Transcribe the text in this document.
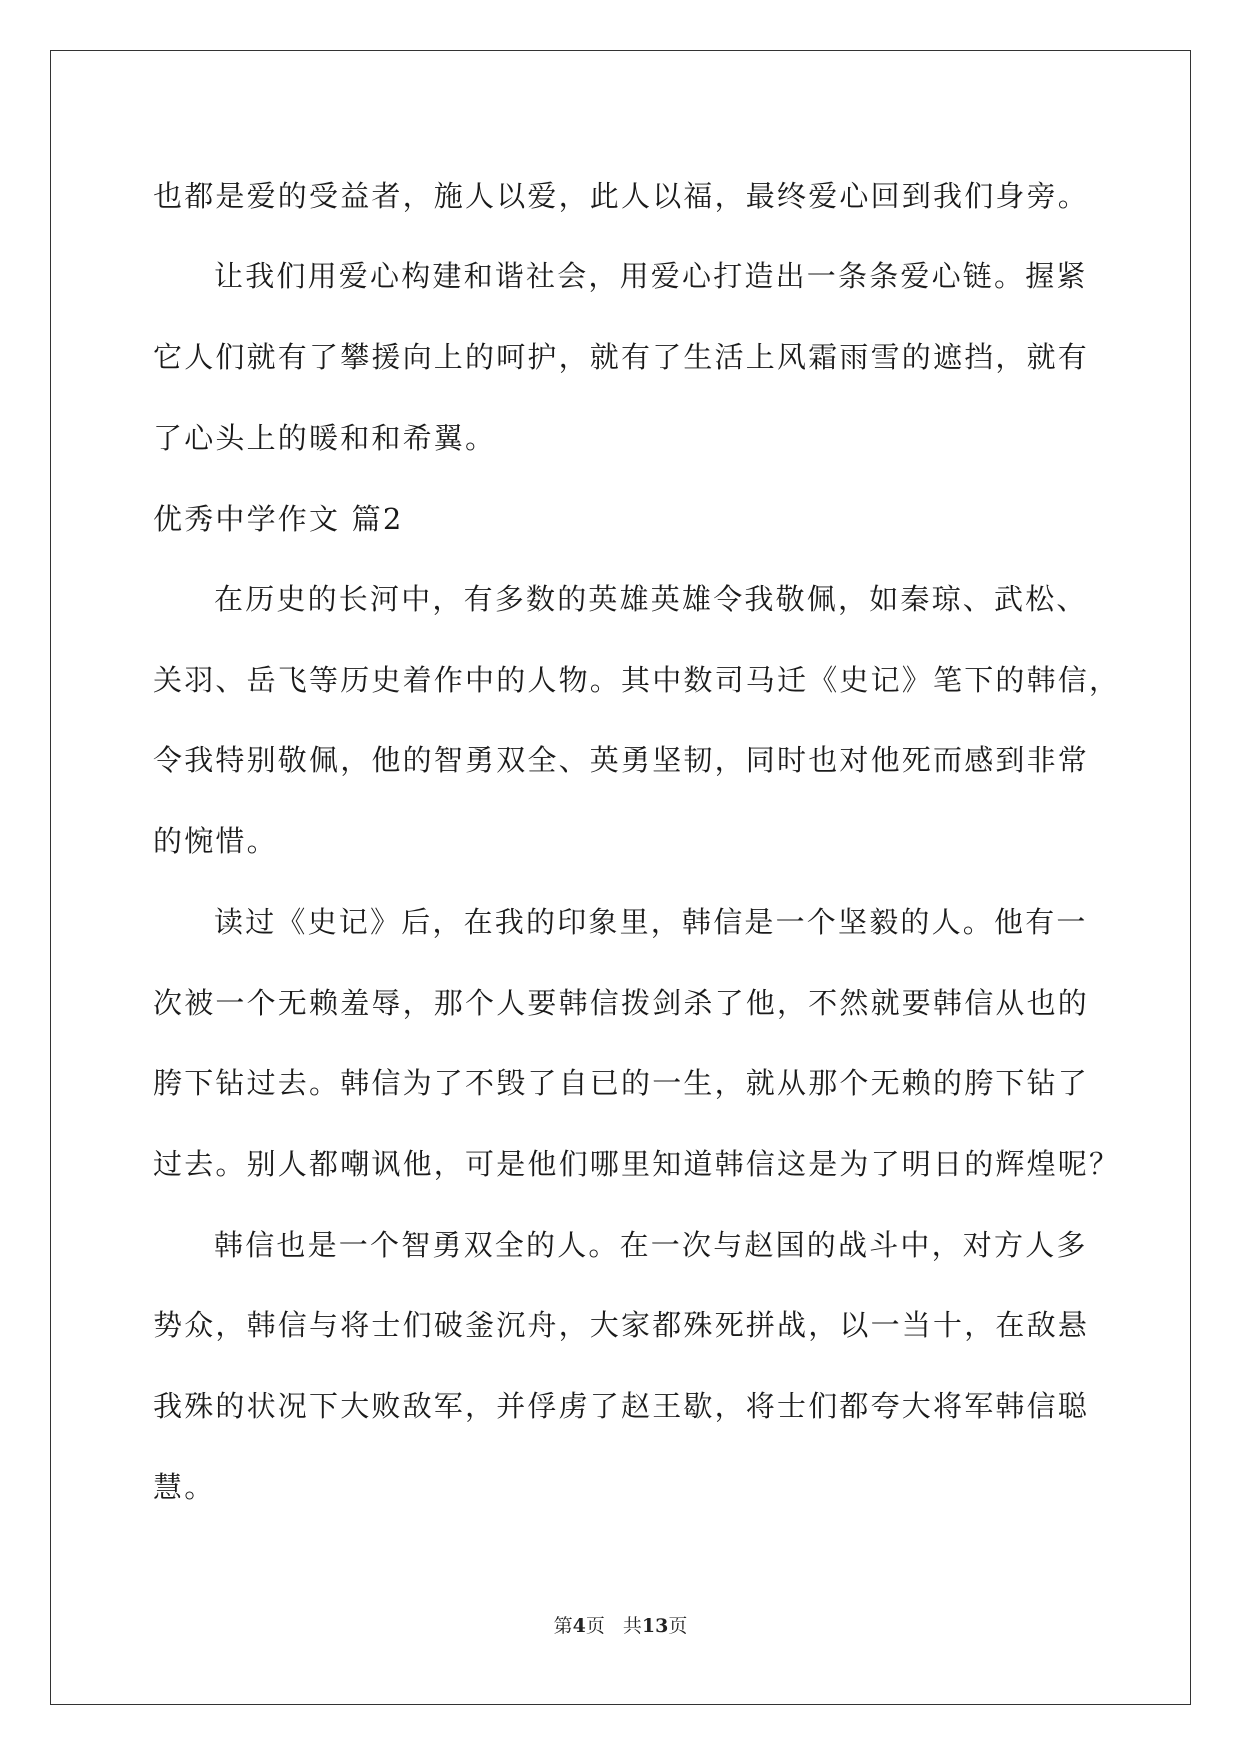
也都是爱的受益者，施人以爱，此人以福，最终爱心回到我们身旁。
让我们用爱心构建和谐社会，用爱心打造出一条条爱心链。握紧
它人们就有了攀援向上的呵护，就有了生活上风霜雨雪的遮挡，就有
了心头上的暖和和希翼。
优秀中学作文 篇2
在历史的长河中，有多数的英雄英雄令我敬佩，如秦琼、武松、
关羽、岳飞等历史着作中的人物。其中数司马迁《史记》笔下的韩信，
令我特别敬佩，他的智勇双全、英勇坚韧，同时也对他死而感到非常
的惋惜。
读过《史记》后，在我的印象里，韩信是一个坚毅的人。他有一
次被一个无赖羞辱，那个人要韩信拨剑杀了他，不然就要韩信从也的
胯下钻过去。韩信为了不毁了自已的一生，就从那个无赖的胯下钻了
过去。别人都嘲讽他，可是他们哪里知道韩信这是为了明日的辉煌呢？
韩信也是一个智勇双全的人。在一次与赵国的战斗中，对方人多
势众，韩信与将士们破釜沉舟，大家都殊死拼战，以一当十，在敌悬
我殊的状况下大败敌军，并俘虏了赵王歇，将士们都夸大将军韩信聪
慧。
第4页 共13页
